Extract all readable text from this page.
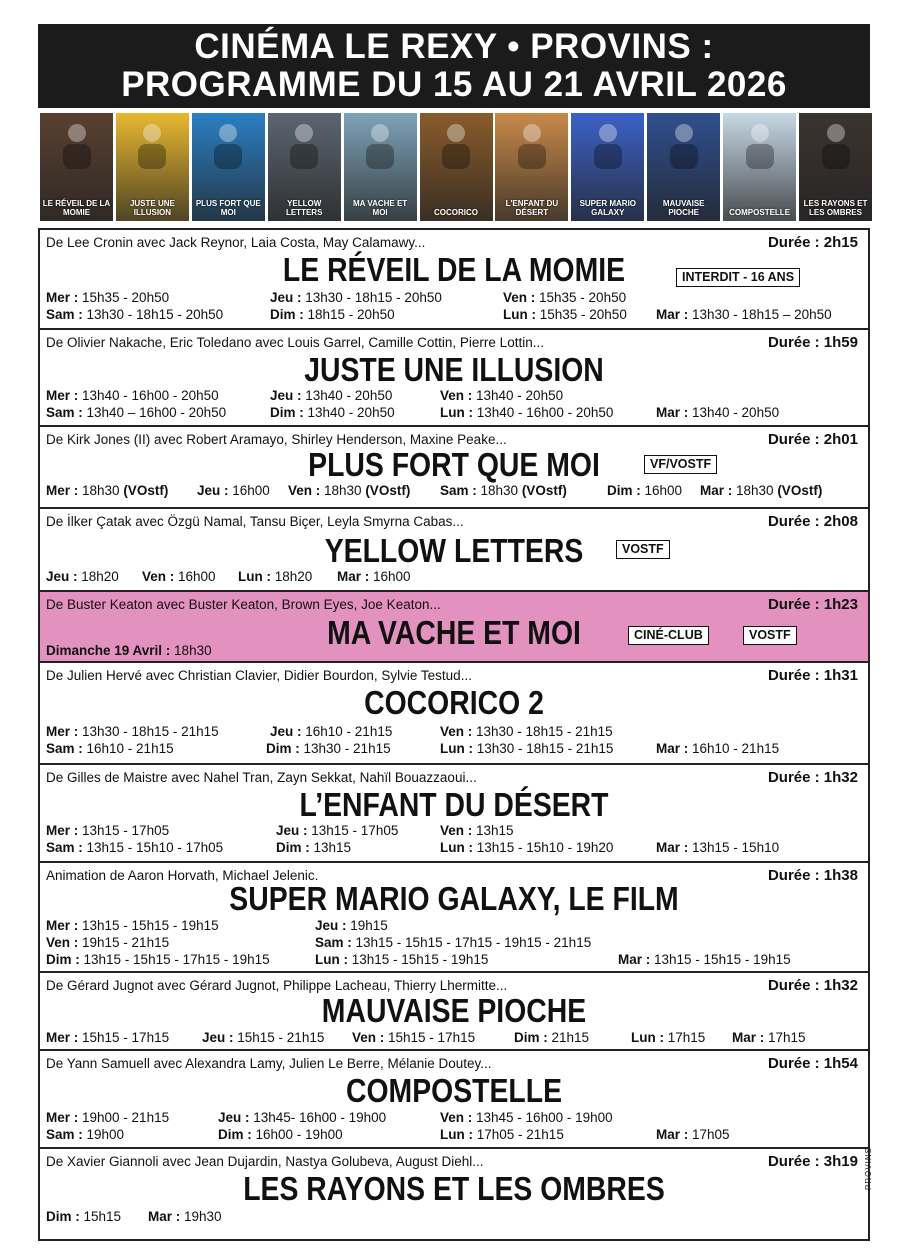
CINÉMA LE REXY • PROVINS :
PROGRAMME DU 15 AU 21 AVRIL 2026
LE RÉVEIL DE LA MOMIE
JUSTE UNE ILLUSION
PLUS FORT QUE MOI
YELLOW LETTERS
MA VACHE ET MOI	COCORICO
L'ENFANT DU DÉSERT
SUPER MARIO GALAXY
MAUVAISE PIOCHE	COMPOSTELLE
LES RAYONS ET LES OMBRES
De Lee Cronin avec Jack Reynor, Laia Costa, May Calamawy...	Durée : 2h15
LE RÉVEIL DE LA MOMIE	INTERDIT - 16 ANS
Mer : 15h35 - 20h50	Jeu : 13h30 - 18h15 - 20h50	Ven : 15h35 - 20h50
Sam : 13h30 - 18h15 - 20h50	Dim : 18h15 - 20h50	Lun : 15h35 - 20h50 Mar : 13h30 - 18h15 – 20h50
De Olivier Nakache, Eric Toledano avec Louis Garrel, Camille Cottin, Pierre Lottin...	Durée : 1h59
JUSTE UNE ILLUSION
Mer : 13h40 - 16h00 - 20h50	Jeu : 13h40 - 20h50	Ven : 13h40 - 20h50
Sam : 13h40 – 16h00 - 20h50	Dim : 13h40 - 20h50	Lun : 13h40 - 16h00 - 20h50	Mar : 13h40 - 20h50
De Kirk Jones (II) avec Robert Aramayo, Shirley Henderson, Maxine Peake...	Durée : 2h01
PLUS FORT QUE MOI	VF/VOSTF
Mer : 18h30 (VOstf) Jeu : 16h00 Ven : 18h30 (VOstf) Sam : 18h30 (VOstf)	Dim : 16h00 Mar : 18h30 (VOstf)
De İlker Çatak avec Özgü Namal, Tansu Biçer, Leyla Smyrna Cabas...	Durée : 2h08
YELLOW LETTERS	VOSTF
Jeu : 18h20 Ven : 16h00 Lun : 18h20 Mar : 16h00
De Buster Keaton avec Buster Keaton, Brown Eyes, Joe Keaton...	Durée : 1h23
MA VACHE ET MOI	CINÉ-CLUB	VOSTF
Dimanche 19 Avril : 18h30
De Julien Hervé avec Christian Clavier, Didier Bourdon, Sylvie Testud...	Durée : 1h31
COCORICO 2
Mer : 13h30 - 18h15 - 21h15	Jeu : 16h10 - 21h15	Ven : 13h30 - 18h15 - 21h15
Sam : 16h10 - 21h15	Dim : 13h30 - 21h15	Lun : 13h30 - 18h15 - 21h15	Mar : 16h10 - 21h15
De Gilles de Maistre avec Nahel Tran, Zayn Sekkat, Nahïl Bouazzaoui...	Durée : 1h32
L’ENFANT DU DÉSERT
Mer : 13h15 - 17h05	Jeu : 13h15 - 17h05	Ven : 13h15
Sam : 13h15 - 15h10 - 17h05	Dim : 13h15	Lun : 13h15 - 15h10 - 19h20	Mar : 13h15 - 15h10
Animation de Aaron Horvath, Michael Jelenic.	Durée : 1h38
SUPER MARIO GALAXY, LE FILM
Mer : 13h15 - 15h15 - 19h15	Jeu : 19h15
Ven : 19h15 - 21h15	Sam : 13h15 - 15h15 - 17h15 - 19h15 - 21h15
Dim : 13h15 - 15h15 - 17h15 - 19h15	Lun : 13h15 - 15h15 - 19h15	Mar : 13h15 - 15h15 - 19h15
De Gérard Jugnot avec Gérard Jugnot, Philippe Lacheau, Thierry Lhermitte...	Durée : 1h32
MAUVAISE PIOCHE
Mer : 15h15 - 17h15 Jeu : 15h15 - 21h15 Ven : 15h15 - 17h15	Dim : 21h15	Lun : 17h15 Mar : 17h15
De Yann Samuell avec Alexandra Lamy, Julien Le Berre, Mélanie Doutey...	Durée : 1h54
COMPOSTELLE
Mer : 19h00 - 21h15	Jeu : 13h45- 16h00 - 19h00	Ven : 13h45 - 16h00 - 19h00
Sam : 19h00	Dim : 16h00 - 19h00	Lun : 17h05 - 21h15	Mar : 17h05
De Xavier Giannoli avec Jean Dujardin, Nastya Golubeva, August Diehl...	Durée : 3h19
LES RAYONS ET LES OMBRES
Dim : 15h15 Mar : 19h30
PROVINS
